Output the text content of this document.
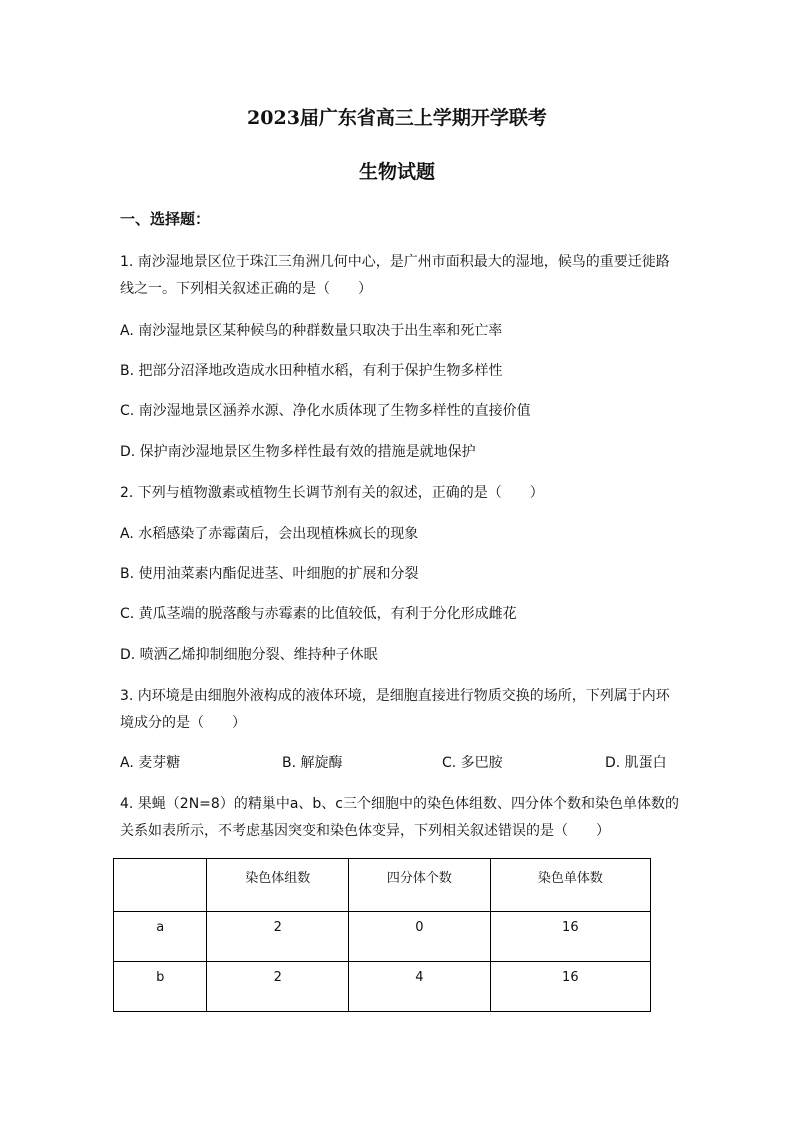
2023届广东省高三上学期开学联考
生物试题
一、选择题：
1. 南沙湿地景区位于珠江三角洲几何中心，是广州市面积最大的湿地，候鸟的重要迁徙路
线之一。下列相关叙述正确的是（　　）
A. 南沙湿地景区某种候鸟的种群数量只取决于出生率和死亡率
B. 把部分沼泽地改造成水田种植水稻，有利于保护生物多样性
C. 南沙湿地景区涵养水源、净化水质体现了生物多样性的直接价值
D. 保护南沙湿地景区生物多样性最有效的措施是就地保护
2. 下列与植物激素或植物生长调节剂有关的叙述，正确的是（　　）
A. 水稻感染了赤霉菌后，会出现植株疯长的现象
B. 使用油菜素内酯促进茎、叶细胞的扩展和分裂
C. 黄瓜茎端的脱落酸与赤霉素的比值较低，有利于分化形成雌花
D. 喷洒乙烯抑制细胞分裂、维持种子休眠
3. 内环境是由细胞外液构成的液体环境，是细胞直接进行物质交换的场所，下列属于内环
境成分的是（　　）
A. 麦芽糖	B. 解旋酶	C. 多巴胺	D. 肌蛋白
4. 果蝇（2N=8）的精巢中a、b、c三个细胞中的染色体组数、四分体个数和染色单体数的
关系如表所示，不考虑基因突变和染色体变异，下列相关叙述错误的是（　　）
	染色体组数	四分体个数	染色单体数
a	2	0	16
b	2	4	16
